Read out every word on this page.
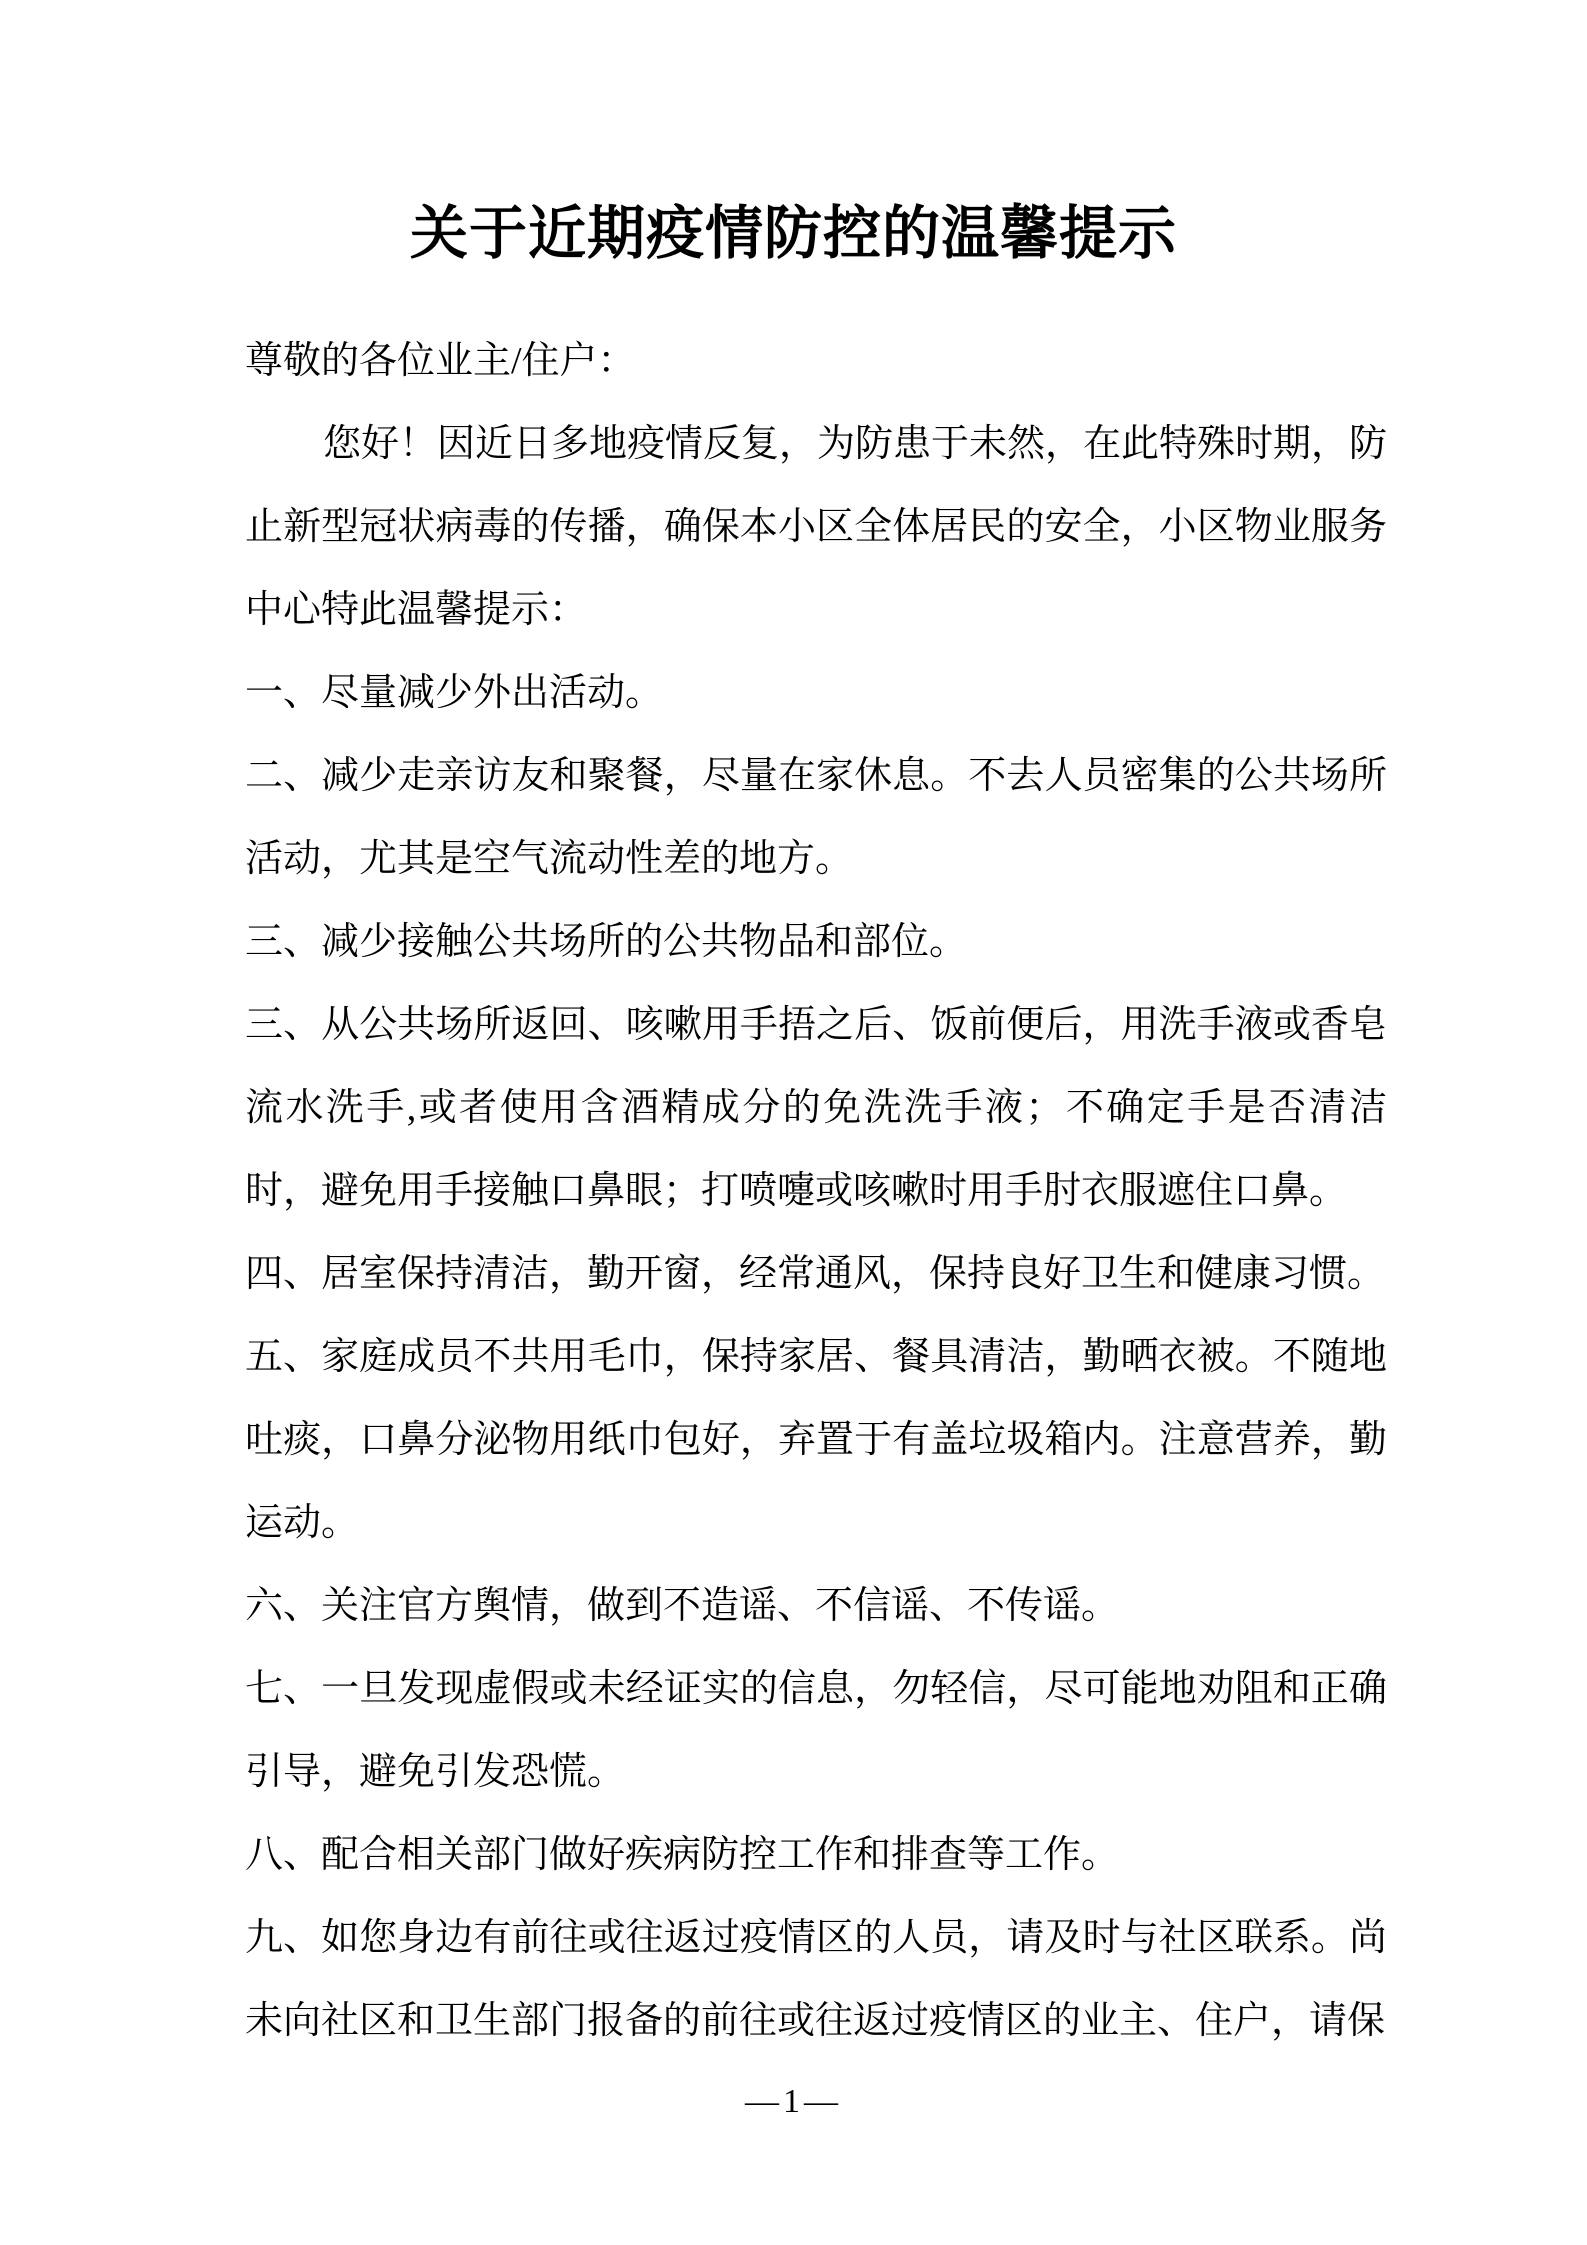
关于近期疫情防控的温馨提示

尊敬的各位业主/住户：

您好！因近日多地疫情反复，为防患于未然，在此特殊时期，防止新型冠状病毒的传播，确保本小区全体居民的安全，小区物业服务中心特此温馨提示：

一、尽量减少外出活动。

二、减少走亲访友和聚餐，尽量在家休息。不去人员密集的公共场所活动，尤其是空气流动性差的地方。

三、减少接触公共场所的公共物品和部位。

三、从公共场所返回、咳嗽用手捂之后、饭前便后，用洗手液或香皂流水洗手,或者使用含酒精成分的免洗洗手液；不确定手是否清洁时，避免用手接触口鼻眼；打喷嚏或咳嗽时用手肘衣服遮住口鼻。

四、居室保持清洁，勤开窗，经常通风，保持良好卫生和健康习惯。

五、家庭成员不共用毛巾，保持家居、餐具清洁，勤晒衣被。不随地吐痰，口鼻分泌物用纸巾包好，弃置于有盖垃圾箱内。注意营养，勤运动。

六、关注官方舆情，做到不造谣、不信谣、不传谣。

七、一旦发现虚假或未经证实的信息，勿轻信，尽可能地劝阻和正确引导，避免引发恐慌。

八、配合相关部门做好疾病防控工作和排查等工作。

九、如您身边有前往或往返过疫情区的人员，请及时与社区联系。尚未向社区和卫生部门报备的前往或往返过疫情区的业主、住户，请保

—1—
